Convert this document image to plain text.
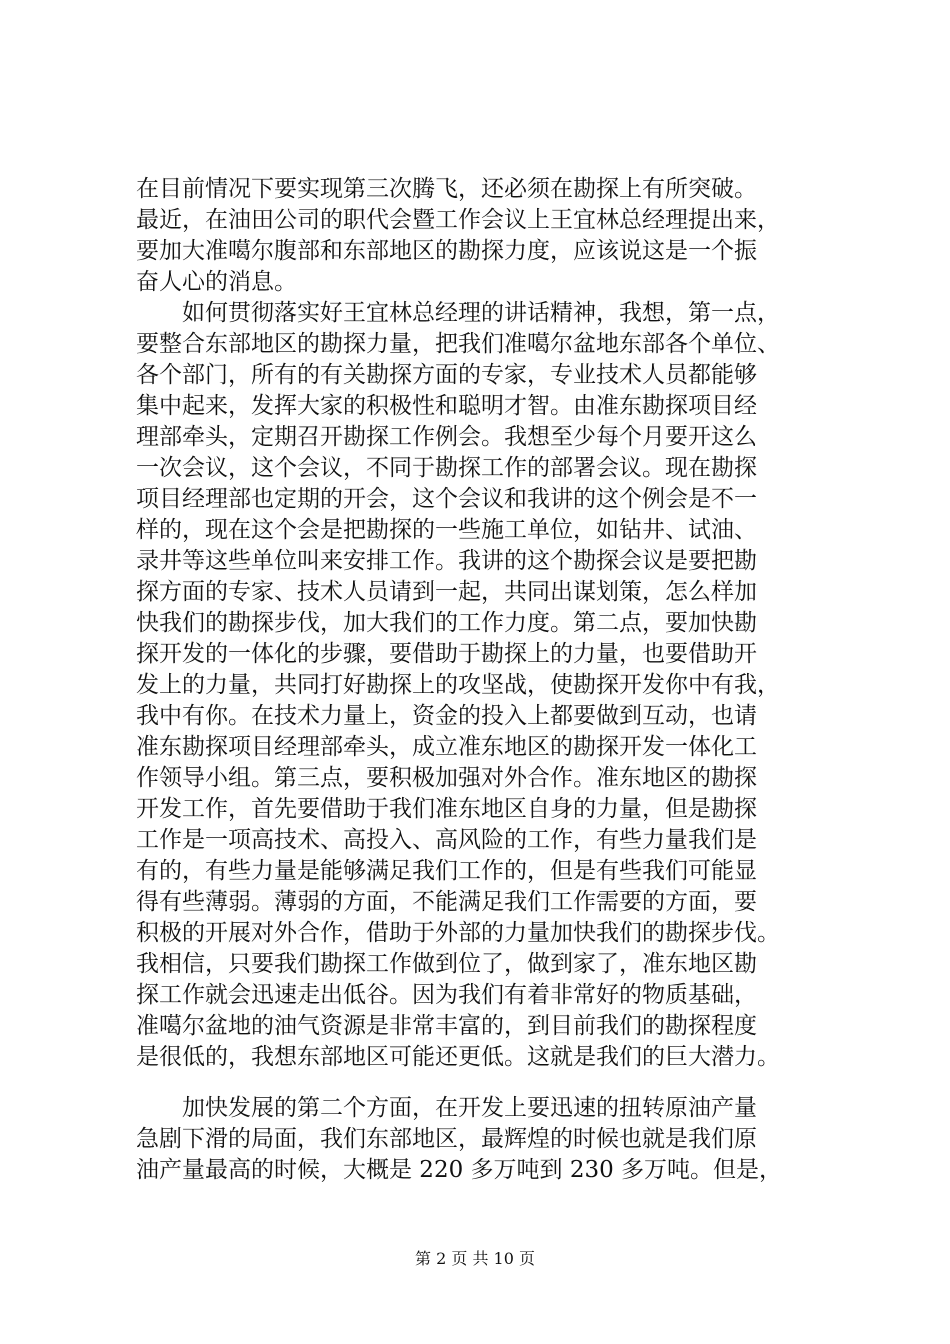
在目前情况下要实现第三次腾飞，还必须在勘探上有所突破。
最近，在油田公司的职代会暨工作会议上王宜林总经理提出来，
要加大准噶尔腹部和东部地区的勘探力度，应该说这是一个振
奋人心的消息。
如何贯彻落实好王宜林总经理的讲话精神，我想，第一点，
要整合东部地区的勘探力量，把我们准噶尔盆地东部各个单位、
各个部门，所有的有关勘探方面的专家，专业技术人员都能够
集中起来，发挥大家的积极性和聪明才智。由准东勘探项目经
理部牵头，定期召开勘探工作例会。我想至少每个月要开这么
一次会议，这个会议，不同于勘探工作的部署会议。现在勘探
项目经理部也定期的开会，这个会议和我讲的这个例会是不一
样的，现在这个会是把勘探的一些施工单位，如钻井、试油、
录井等这些单位叫来安排工作。我讲的这个勘探会议是要把勘
探方面的专家、技术人员请到一起，共同出谋划策，怎么样加
快我们的勘探步伐，加大我们的工作力度。第二点，要加快勘
探开发的一体化的步骤，要借助于勘探上的力量，也要借助开
发上的力量，共同打好勘探上的攻坚战，使勘探开发你中有我，
我中有你。在技术力量上，资金的投入上都要做到互动，也请
准东勘探项目经理部牵头，成立准东地区的勘探开发一体化工
作领导小组。第三点，要积极加强对外合作。准东地区的勘探
开发工作，首先要借助于我们准东地区自身的力量，但是勘探
工作是一项高技术、高投入、高风险的工作，有些力量我们是
有的，有些力量是能够满足我们工作的，但是有些我们可能显
得有些薄弱。薄弱的方面，不能满足我们工作需要的方面，要
积极的开展对外合作，借助于外部的力量加快我们的勘探步伐。
我相信，只要我们勘探工作做到位了，做到家了，准东地区勘
探工作就会迅速走出低谷。因为我们有着非常好的物质基础，
准噶尔盆地的油气资源是非常丰富的，到目前我们的勘探程度
是很低的，我想东部地区可能还更低。这就是我们的巨大潜力。
加快发展的第二个方面，在开发上要迅速的扭转原油产量
急剧下滑的局面，我们东部地区，最辉煌的时候也就是我们原
油产量最高的时候，大概是 220 多万吨到 230 多万吨。但是，
第 2 页 共 10 页
